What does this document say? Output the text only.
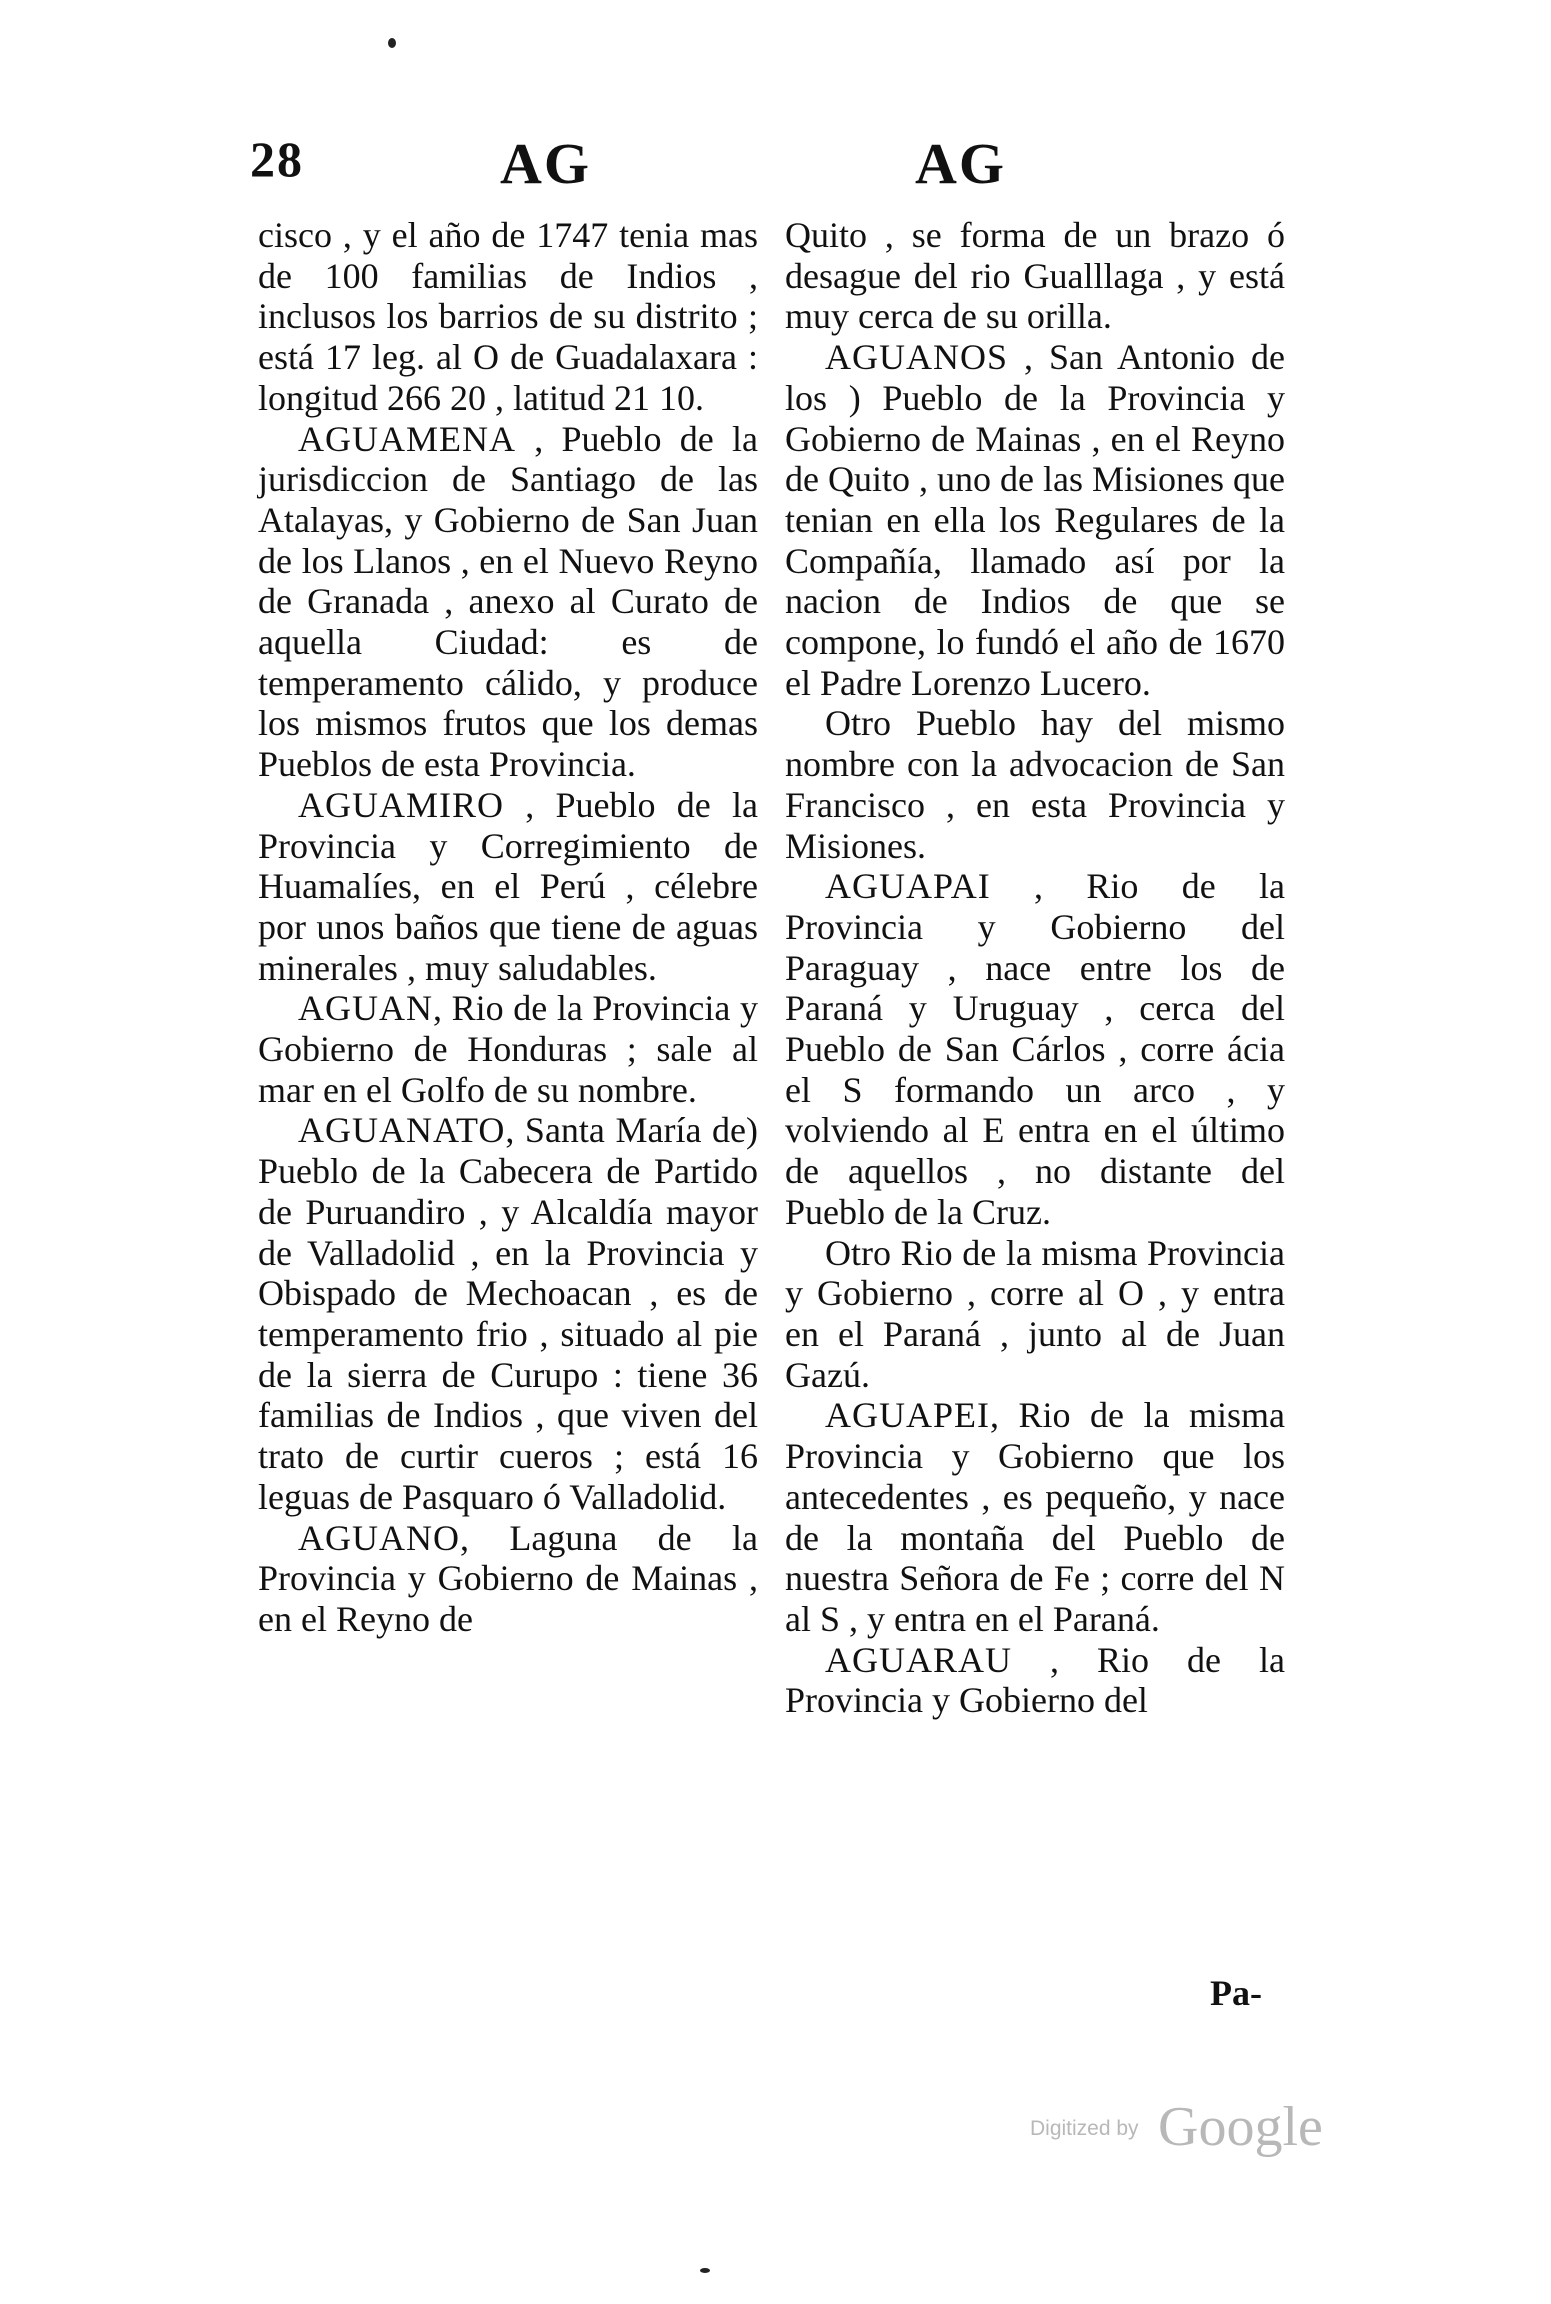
28	AG	AG

cisco , y el año de 1747 tenia mas de 100 familias de Indios , inclusos los barrios de su distrito ; está 17 leg. al O de Guadalaxara : longitud 266 20 , latitud 21 10.

AGUAMENA , Pueblo de la jurisdiccion de Santiago de las Atalayas, y Gobierno de San Juan de los Llanos , en el Nuevo Reyno de Granada , anexo al Curato de aquella Ciudad: es de temperamento cálido, y produce los mismos frutos que los demas Pueblos de esta Provincia.

AGUAMIRO , Pueblo de la Provincia y Corregimiento de Huamalíes, en el Perú , célebre por unos baños que tiene de aguas minerales , muy saludables.

AGUAN, Rio de la Provincia y Gobierno de Honduras ; sale al mar en el Golfo de su nombre.

AGUANATO, Santa María de) Pueblo de la Cabecera de Partido de Puruandiro , y Alcaldía mayor de Valladolid , en la Provincia y Obispado de Mechoacan , es de temperamento frio , situado al pie de la sierra de Curupo : tiene 36 familias de Indios , que viven del trato de curtir cueros ; está 16 leguas de Pasquaro ó Valladolid.

AGUANO, Laguna de la Provincia y Gobierno de Mainas , en el Reyno de

Quito , se forma de un brazo ó desague del rio Gualllaga , y está muy cerca de su orilla.

AGUANOS , San Antonio de los ) Pueblo de la Provincia y Gobierno de Mainas , en el Reyno de Quito , uno de las Misiones que tenian en ella los Regulares de la Compañía, llamado así por la nacion de Indios de que se compone, lo fundó el año de 1670 el Padre Lorenzo Lucero.

Otro Pueblo hay del mismo nombre con la advocacion de San Francisco , en esta Provincia y Misiones.

AGUAPAI , Rio de la Provincia y Gobierno del Paraguay , nace entre los de Paraná y Uruguay , cerca del Pueblo de San Cárlos , corre ácia el S formando un arco , y volviendo al E entra en el último de aquellos , no distante del Pueblo de la Cruz.

Otro Rio de la misma Provincia y Gobierno , corre al O , y entra en el Paraná , junto al de Juan Gazú.

AGUAPEI, Rio de la misma Provincia y Gobierno que los antecedentes , es pequeño, y nace de la montaña del Pueblo de nuestra Señora de Fe ; corre del N al S , y entra en el Paraná.

AGUARAU , Rio de la Provincia y Gobierno del

Pa-
Digitized by Google
